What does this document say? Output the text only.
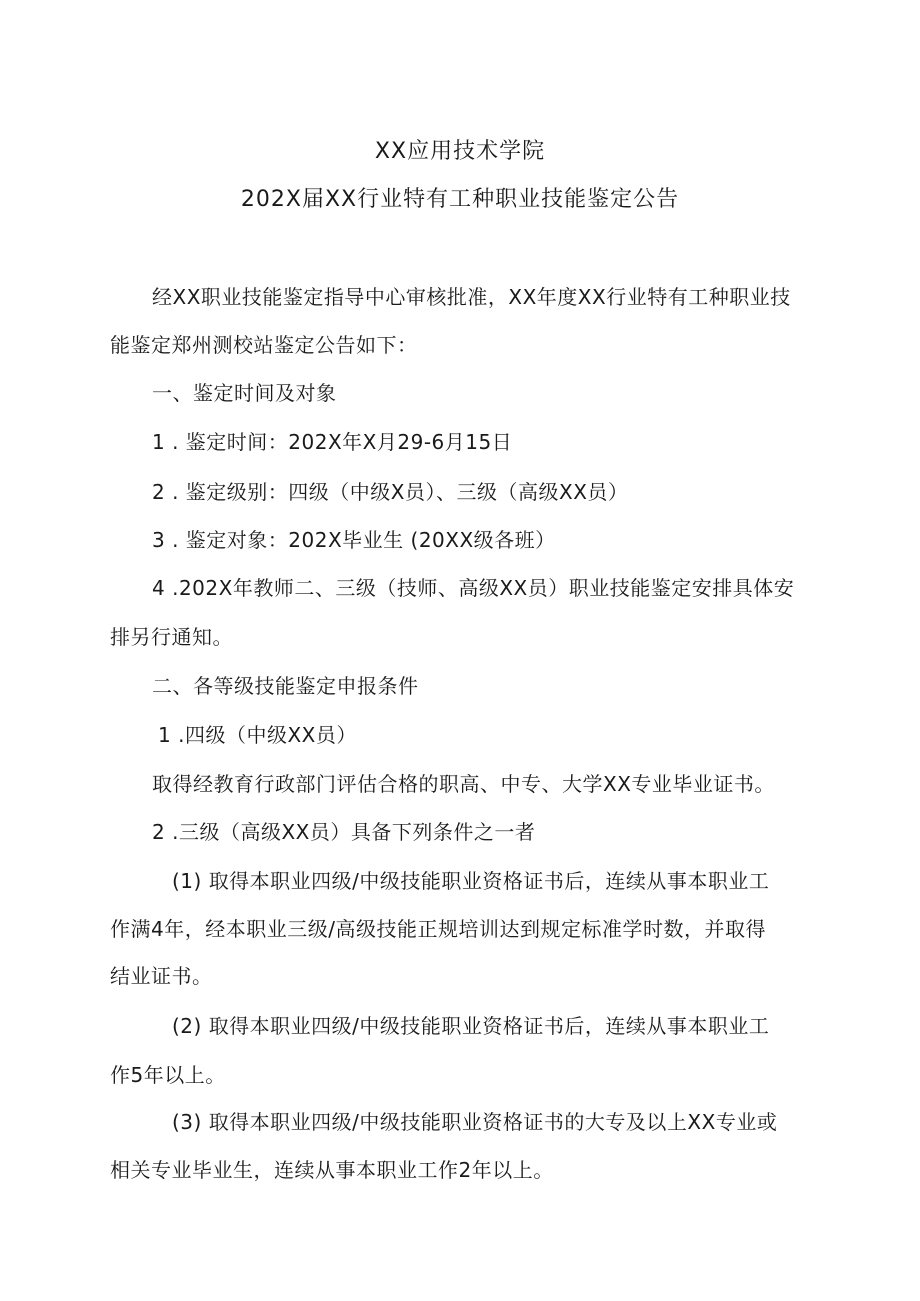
XX应用技术学院
202X届XX行业特有工种职业技能鉴定公告
经XX职业技能鉴定指导中心审核批准，XX年度XX行业特有工种职业技
能鉴定郑州测校站鉴定公告如下：
一、鉴定时间及对象
1 . 鉴定时间：202X年X月29-6月15日
2 . 鉴定级别：四级（中级X员）、三级（高级XX员）
3 . 鉴定对象：202X毕业生 (20XX级各班）
4 .202X年教师二、三级（技师、高级XX员）职业技能鉴定安排具体安
排另行通知。
二、各等级技能鉴定申报条件
1 .四级（中级XX员）
取得经教育行政部门评估合格的职高、中专、大学XX专业毕业证书。
2 .三级（高级XX员）具备下列条件之一者
(1) 取得本职业四级/中级技能职业资格证书后，连续从事本职业工
作满4年，经本职业三级/高级技能正规培训达到规定标准学时数，并取得
结业证书。
(2) 取得本职业四级/中级技能职业资格证书后，连续从事本职业工
作5年以上。
(3) 取得本职业四级/中级技能职业资格证书的大专及以上XX专业或
相关专业毕业生，连续从事本职业工作2年以上。
